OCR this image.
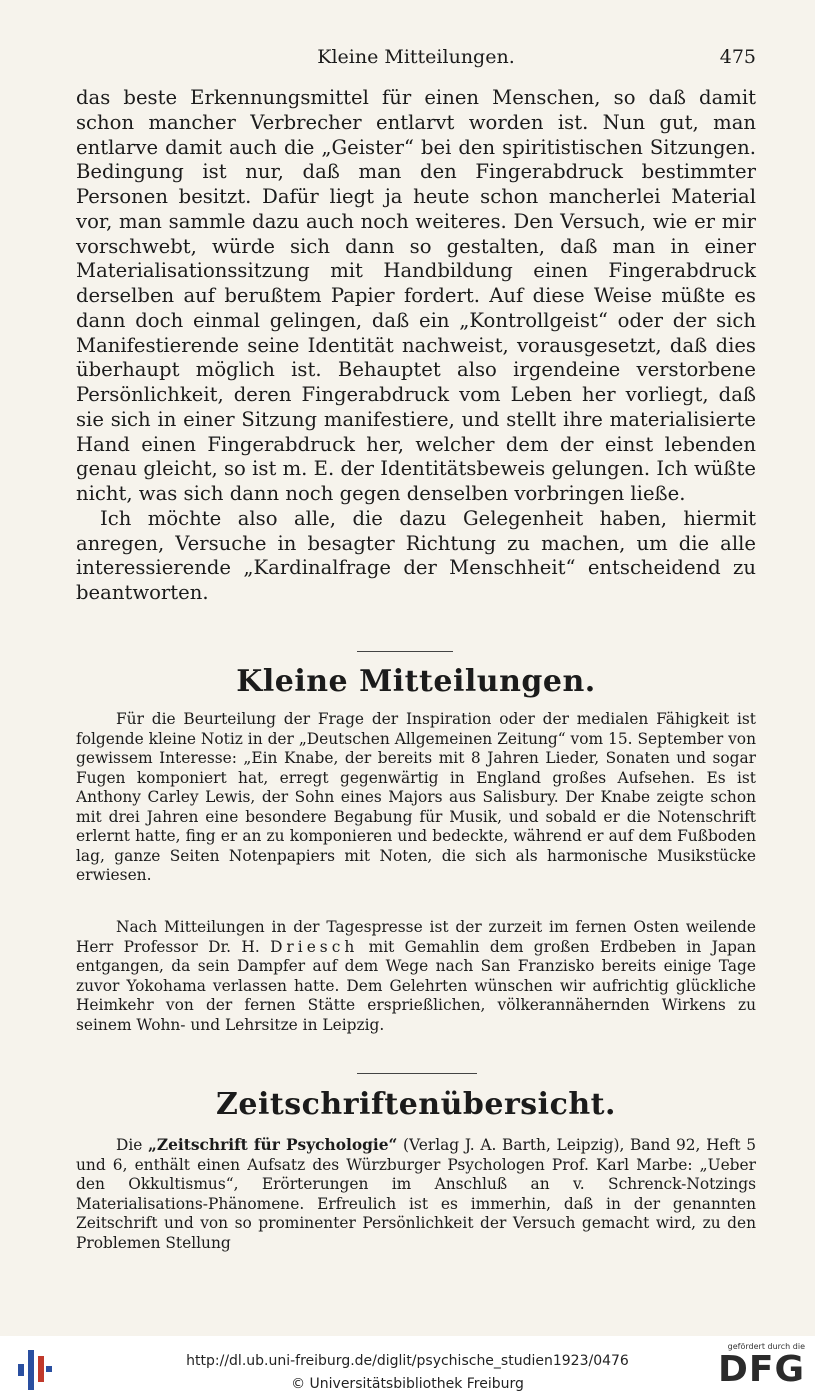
Kleine Mitteilungen.	475

das beste Erkennungsmittel für einen Menschen, so daß damit schon mancher Verbrecher entlarvt worden ist. Nun gut, man entlarve damit auch die „Geister“ bei den spiritistischen Sitzungen. Bedingung ist nur, daß man den Fingerabdruck bestimmter Personen besitzt. Dafür liegt ja heute schon mancherlei Material vor, man sammle dazu auch noch weiteres. Den Versuch, wie er mir vorschwebt, würde sich dann so gestalten, daß man in einer Materialisationssitzung mit Handbildung einen Fingerabdruck derselben auf berußtem Papier fordert. Auf diese Weise müßte es dann doch einmal gelingen, daß ein „Kontrollgeist“ oder der sich Manifestierende seine Identität nachweist, vorausgesetzt, daß dies überhaupt möglich ist. Behauptet also irgendeine verstorbene Persönlichkeit, deren Fingerabdruck vom Leben her vorliegt, daß sie sich in einer Sitzung manifestiere, und stellt ihre materialisierte Hand einen Fingerabdruck her, welcher dem der einst lebenden genau gleicht, so ist m. E. der Identitätsbeweis gelungen. Ich wüßte nicht, was sich dann noch gegen denselben vorbringen ließe.

Ich möchte also alle, die dazu Gelegenheit haben, hiermit anregen, Versuche in besagter Richtung zu machen, um die alle interessierende „Kardinalfrage der Menschheit“ entscheidend zu beantworten.

Kleine Mitteilungen.

Für die Beurteilung der Frage der Inspiration oder der medialen Fähigkeit ist folgende kleine Notiz in der „Deutschen Allgemeinen Zeitung“ vom 15. September von gewissem Interesse: „Ein Knabe, der bereits mit 8 Jahren Lieder, Sonaten und sogar Fugen komponiert hat, erregt gegenwärtig in England großes Aufsehen. Es ist Anthony Carley Lewis, der Sohn eines Majors aus Salisbury. Der Knabe zeigte schon mit drei Jahren eine besondere Begabung für Musik, und sobald er die Notenschrift erlernt hatte, fing er an zu komponieren und bedeckte, während er auf dem Fußboden lag, ganze Seiten Notenpapiers mit Noten, die sich als harmonische Musikstücke erwiesen.

Nach Mitteilungen in der Tagespresse ist der zurzeit im fernen Osten weilende Herr Professor Dr. H. Driesch mit Gemahlin dem großen Erdbeben in Japan entgangen, da sein Dampfer auf dem Wege nach San Franzisko bereits einige Tage zuvor Yokohama verlassen hatte. Dem Gelehrten wünschen wir aufrichtig glückliche Heimkehr von der fernen Stätte ersprießlichen, völkerannähernden Wirkens zu seinem Wohn- und Lehrsitze in Leipzig.

Zeitschriftenübersicht.

Die „Zeitschrift für Psychologie“ (Verlag J. A. Barth, Leipzig), Band 92, Heft 5 und 6, enthält einen Aufsatz des Würzburger Psychologen Prof. Karl Marbe: „Ueber den Okkultismus“, Erörterungen im Anschluß an v. Schrenck-Notzings Materialisations-Phänomene. Erfreulich ist es immerhin, daß in der genannten Zeitschrift und von so prominenter Persönlichkeit der Versuch gemacht wird, zu den Problemen Stellung

http://dl.ub.uni-freiburg.de/diglit/psychische_studien1923/0476
© Universitätsbibliothek Freiburg
gefördert durch die
DFG
